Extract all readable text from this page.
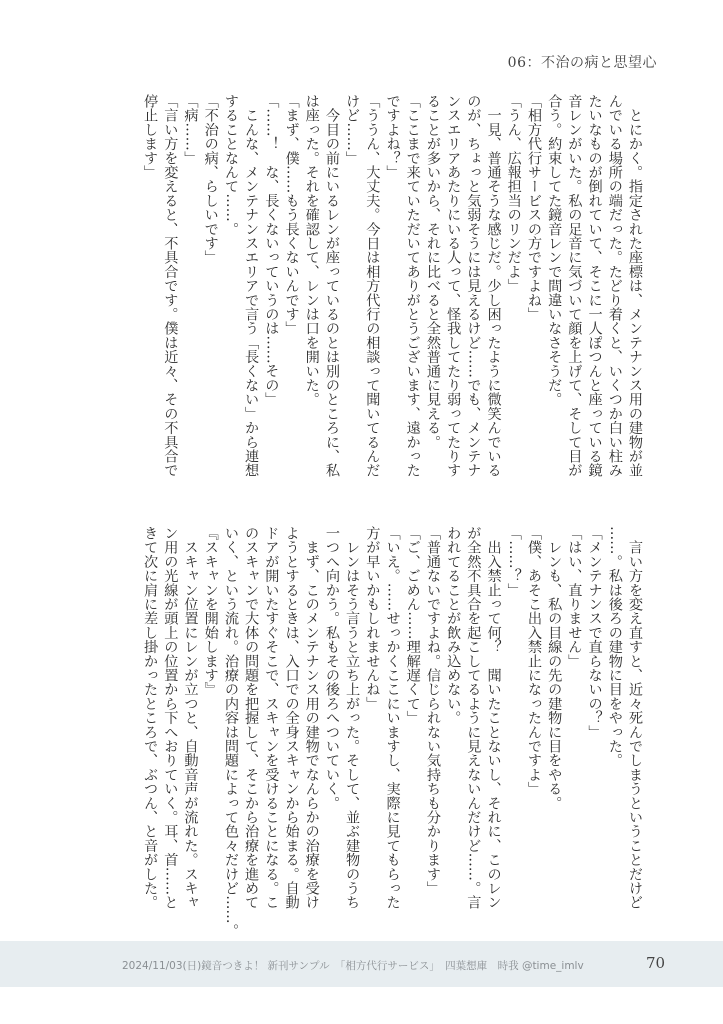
06：不治の病と思望心
　とにかく。指定された座標は、メンテナンス用の建物が並
んでいる場所の端だった。たどり着くと、いくつか白い柱み
たいなものが倒れていて、そこに一人ぽつんと座っている鏡
音レンがいた。私の足音に気づいて顔を上げて、そして目が
合う。約束してた鏡音レンで間違いなさそうだ。
「相方代行サービスの方ですよね」
「うん、広報担当のリンだよ」
　一見、普通そうな感じだ。少し困ったように微笑んでいる
のが、ちょっと気弱そうには見えるけど……でも、メンテナ
ンスエリアあたりにいる人って、怪我してたり弱ってたりす
ることが多いから、それに比べると全然普通に見える。
「ここまで来ていただいてありがとうございます、遠かった
ですよね？」
「ううん、大丈夫。今日は相方代行の相談って聞いてるんだ
けど……」
　今目の前にいるレンが座っているのとは別のところに、私
は座った。それを確認して、レンは口を開いた。
「まず、僕……もう長くないんです」
「……！　な、長くないっていうのは……その」
　こんな、メンテナンスエリアで言う「長くない」から連想
することなんて……。
「不治の病、らしいです」
「病……」
「言い方を変えると、不具合です。僕は近々、その不具合で
停止します」
　言い方を変え直すと、近々死んでしまうということだけど
……。私は後ろの建物に目をやった。
「メンテナンスで直らないの？」
「はい、直りません」
　レンも、私の目線の先の建物に目をやる。
「僕、あそこ出入禁止になったんですよ」
「……？」
　出入禁止って何？　聞いたことないし、それに、このレン
が全然不具合を起こしてるように見えないんだけど……。言
われてることが飲み込めない。
「普通ないですよね。信じられない気持ちも分かります」
「ご、ごめん……理解遅くて」
「いえ。……せっかくここにいますし、実際に見てもらった
方が早いかもしれませんね」
　レンはそう言うと立ち上がった。そして、並ぶ建物のうち
一つへ向かう。私もその後ろへついていく。
　まず、このメンテナンス用の建物でなんらかの治療を受け
ようとするときは、入口での全身スキャンから始まる。自動
ドアが開いたすぐそこで、スキャンを受けることになる。こ
のスキャンで大体の問題を把握して、そこから治療を進めて
いく、という流れ。治療の内容は問題によって色々だけど……。
『スキャンを開始します』
　スキャン位置にレンが立つと、自動音声が流れた。スキャ
ン用の光線が頭上の位置から下へおりていく。耳、首……と
きて次に肩に差し掛かったところで、ぶつん、と音がした。
2024/11/03(日)鏡音つきよ！ 新刊サンプル　「相方代行サービス」　四葉想庫　時我 @time_imlv	70
